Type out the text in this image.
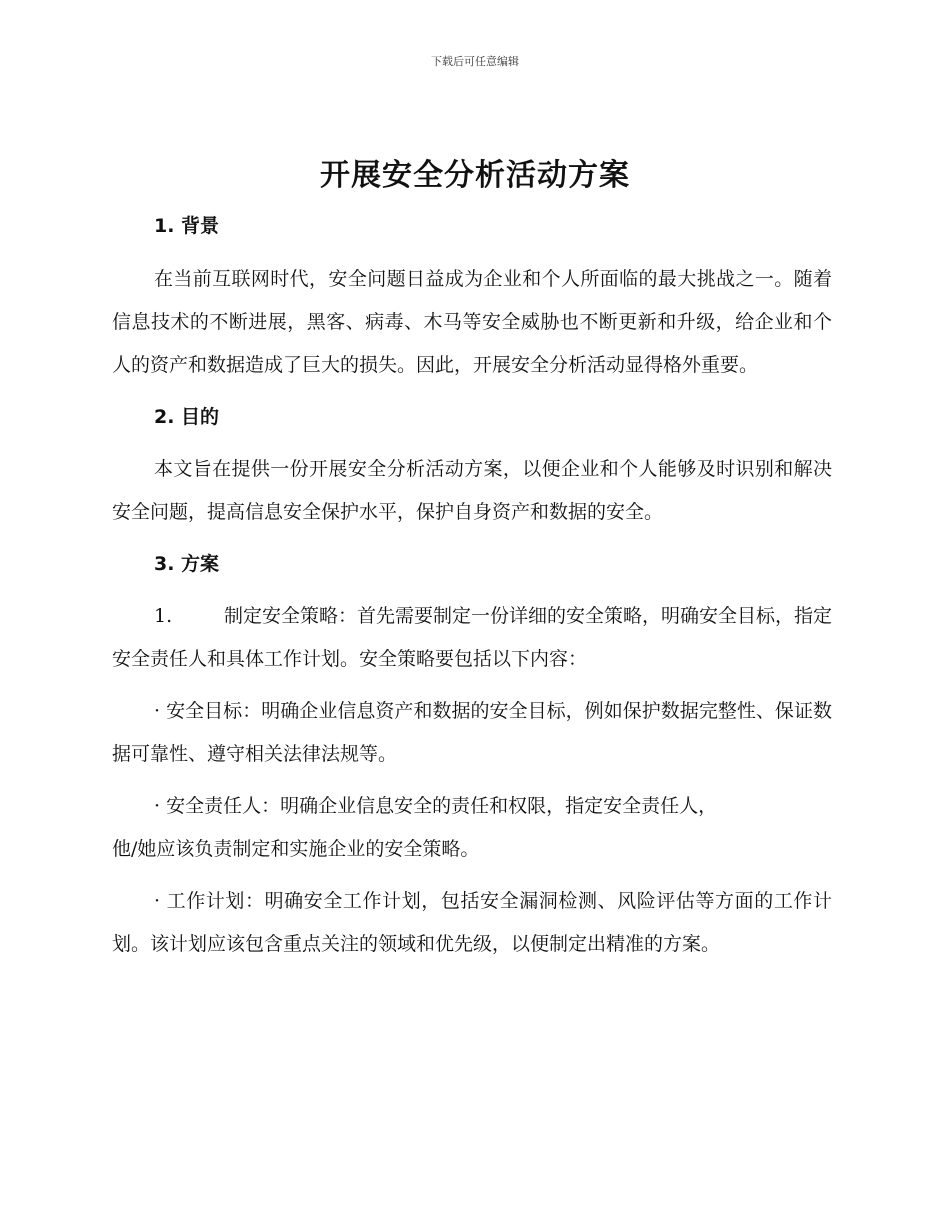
下载后可任意编辑
开展安全分析活动方案

1. 背景

在当前互联网时代，安全问题日益成为企业和个人所面临的最大挑战之一。随着信息技术的不断进展，黑客、病毒、木马等安全威胁也不断更新和升级，给企业和个人的资产和数据造成了巨大的损失。因此，开展安全分析活动显得格外重要。

2. 目的

本文旨在提供一份开展安全分析活动方案，以便企业和个人能够及时识别和解决安全问题，提高信息安全保护水平，保护自身资产和数据的安全。

3. 方案

1.	制定安全策略：首先需要制定一份详细的安全策略，明确安全目标，指定安全责任人和具体工作计划。安全策略要包括以下内容：

· 安全目标：明确企业信息资产和数据的安全目标，例如保护数据完整性、保证数据可靠性、遵守相关法律法规等。

· 安全责任人：明确企业信息安全的责任和权限，指定安全责任人，

他/她应该负责制定和实施企业的安全策略。

· 工作计划：明确安全工作计划，包括安全漏洞检测、风险评估等方面的工作计划。该计划应该包含重点关注的领域和优先级，以便制定出精准的方案。
